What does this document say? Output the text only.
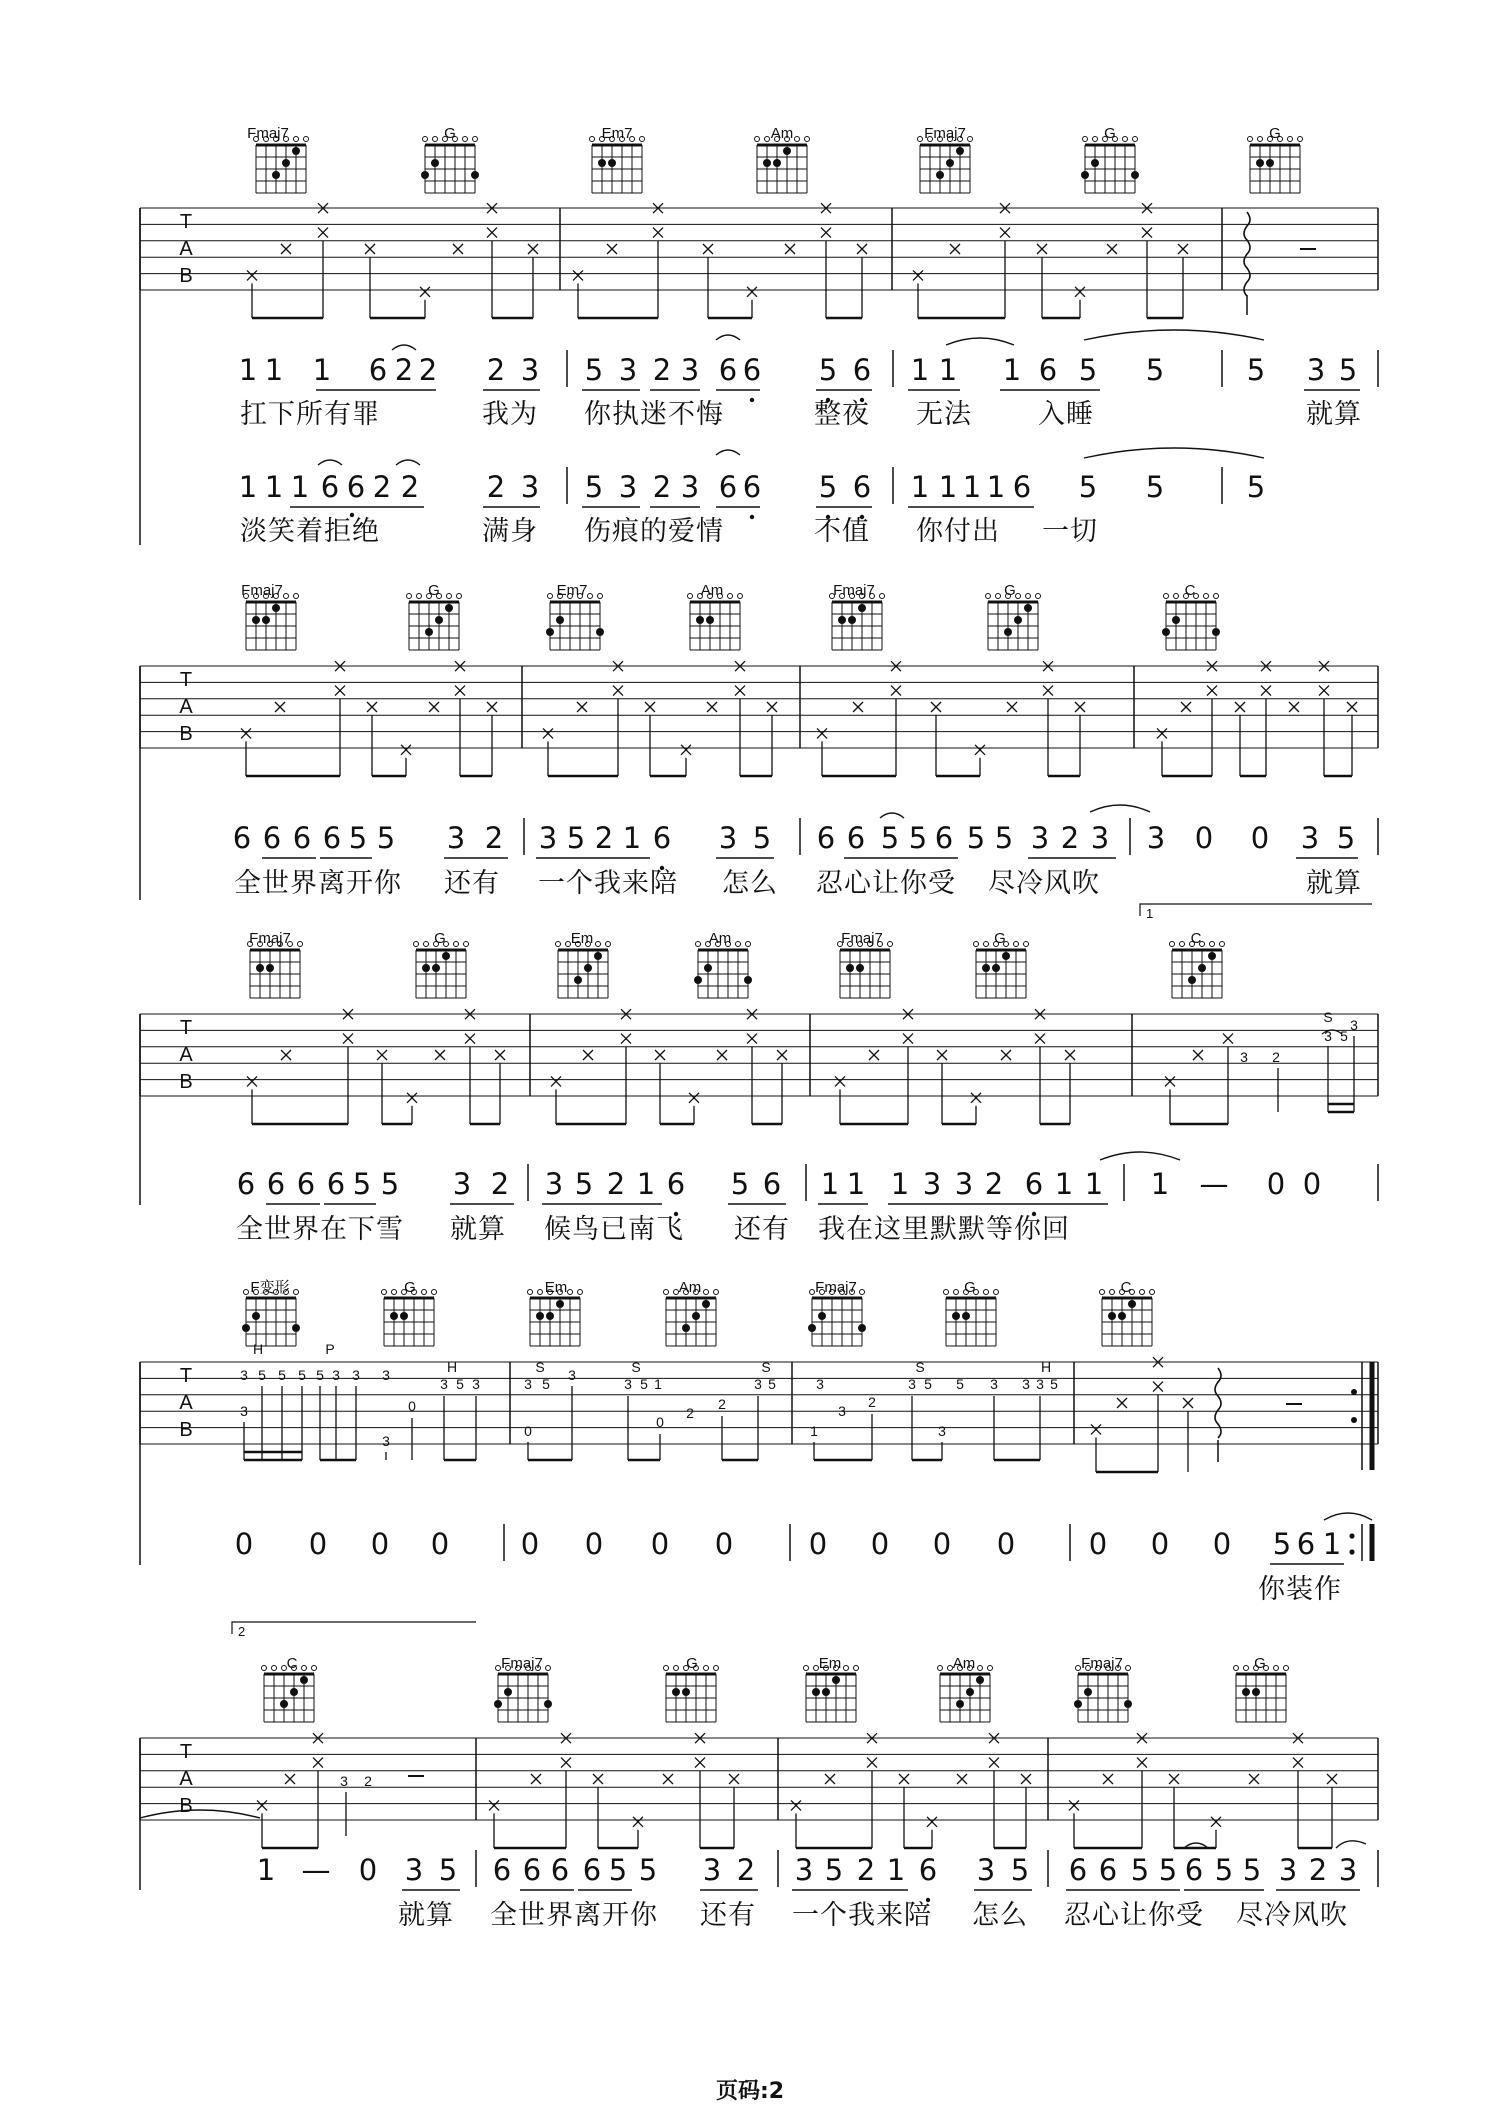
Fmaj7	G	Em7	Am	Fmaj7	G	G
T
A
B
1 1 1 6 2 2 2 3 5 3 2 3 6 6 5 6 1 1 1 6 5 5	5 3 5
扛下所有罪	我为 你执迷不悔	整夜 无法 入睡	就算
1 1 1 6 6 2 2 2 3 5 3 2 3 6 6 5 6 1 1 1 1 6 5 5	5
淡笑着拒绝	满身 伤痕的爱情	不值 你付出 一切
Fmaj7	G	Em7	Am	Fmaj7	G	C
T
A
B
6 6 6 6 5 5 3 2 3 5 2 1 6 3 5 6 6 5 5 6 5 5 3 2 3 3 0 0 3 5
全世界离开你 还有 一个我来陪 怎么 忍心让你受 尽冷风吹	就算
1
Fmaj7	G	Em	Am	Fmaj7	G	C
T
A
B
3 2
S 3
3 5
6 6 6 6 5 5 3 2 3 5 2 1 6 5 6 1 1 1 3 3 2 6 1 1 1 — 0 0
全世界在下雪 就算 候鸟已南飞 还有 我在这里默默等你回
F变形	G	Em	Am	Fmaj7	G	C
T
A
B
H	P
H	S	S	S	S	H
3 5 5 5 5 3 3 3
3	0
3
3 5 3	3 5
3
3 5 1
0
0
2
2
3 5	3
3
2
1
3 5
3
5 3 3 3 5
0 0 0 0 0 0 0 0	0 0 0 0	0 0 0 5 6 1
你装作
2
C	Fmaj7	G	Em	Am	Fmaj7	G
T
A
B
3 2
1 — 0 3 5 6 6 6 6 5 5 3 2 3 5 2 1 6 3 5 6 6 5 5 6 5 5 3 2 3
就算 全世界离开你 还有 一个我来陪 怎么 忍心让你受 尽冷风吹
页码:2
